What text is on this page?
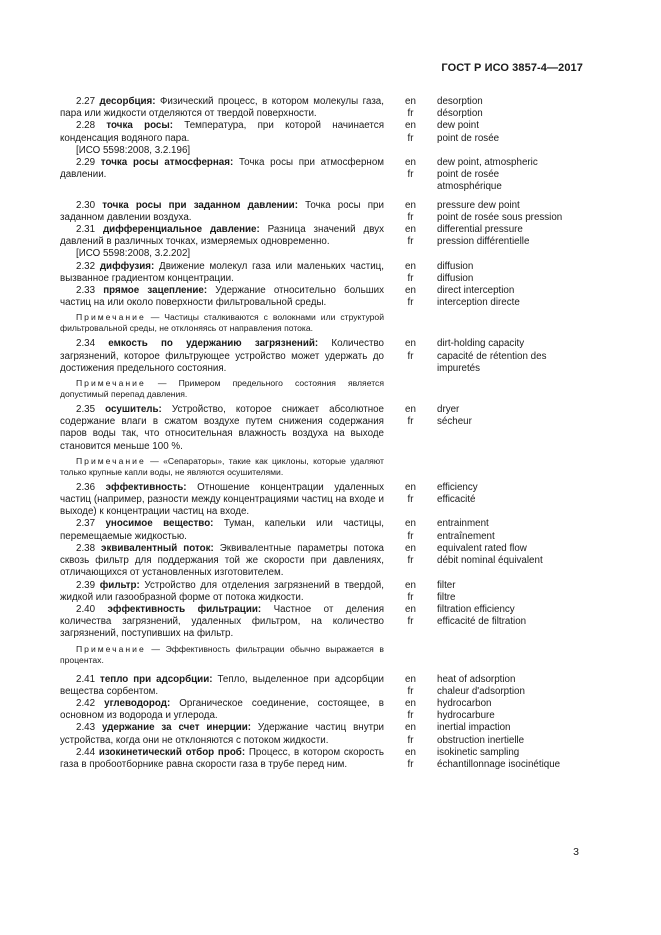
ГОСТ Р ИСО 3857-4—2017

2.27 десорбция: Физический процесс, в котором молекулы газа, пара или жидкости отделяются от твердой поверхности.

en
fr
desorption
désorption

2.28 точка росы: Температура, при которой начинается конденсация водяного пара.

[ИСО 5598:2008, 3.2.196]

en
fr
dew point
point de rosée

2.29 точка росы атмосферная: Точка росы при атмосферном давлении.

en
fr

dew point, atmospheric
point de rosée
atmosphérique

2.30 точка росы при заданном давлении: Точка росы при заданном давлении воздуха.

en
fr
pressure dew point
point de rosée sous pression

2.31 дифференциальное давление: Разница значений двух давлений в различных точках, измеряемых одновременно.

[ИСО 5598:2008, 3.2.202]

en
fr
differential pressure
pression différentielle

2.32 диффузия: Движение молекул газа или маленьких частиц, вызванное градиентом концентрации.

en
fr
diffusion
diffusion

2.33 прямое зацепление: Удержание относительно больших частиц на или около поверхности фильтровальной среды.

Примечание — Частицы сталкиваются с волокнами или структурой фильтровальной среды, не отклоняясь от направления потока.

en
fr
direct interception
interception directe

2.34 емкость по удержанию загрязнений: Количество загрязнений, которое фильтрующее устройство может удержать до достижения предельного состояния.

Примечание — Примером предельного состояния является допустимый перепад давления.

en
fr

dirt-holding capacity
capacité de rétention des
impuretés

2.35 осушитель: Устройство, которое снижает абсолютное содержание влаги в сжатом воздухе путем снижения содержания паров воды так, что относительная влажность воздуха на выходе становится меньше 100 %.

Примечание — «Сепараторы», такие как циклоны, которые удаляют только крупные капли воды, не являются осушителями.

en
fr
dryer
sécheur

2.36 эффективность: Отношение концентрации удаленных частиц (например, разности между концентрациями частиц на входе и выходе) к концентрации частиц на входе.

en
fr
efficiency
efficacité

2.37 уносимое вещество: Туман, капельки или частицы, перемещаемые жидкостью.

en
fr
entrainment
entraînement

2.38 эквивалентный поток: Эквивалентные параметры потока сквозь фильтр для поддержания той же скорости при давлениях, отличающихся от установленных изготовителем.

en
fr
equivalent rated flow
débit nominal équivalent

2.39 фильтр: Устройство для отделения загрязнений в твердой, жидкой или газообразной форме от потока жидкости.

en
fr
filter
filtre

2.40 эффективность фильтрации: Частное от деления количества загрязнений, удаленных фильтром, на количество загрязнений, поступивших на фильтр.

Примечание — Эффективность фильтрации обычно выражается в процентах.

en
fr
filtration efficiency
efficacité de filtration

2.41 тепло при адсорбции: Тепло, выделенное при адсорбции вещества сорбентом.

en
fr
heat of adsorption
chaleur d'adsorption

2.42 углеводород: Органическое соединение, состоящее, в основном из водорода и углерода.

en
fr
hydrocarbon
hydrocarbure

2.43 удержание за счет инерции: Удержание частиц внутри устройства, когда они не отклоняются с потоком жидкости.

en
fr
inertial impaction
obstruction inertielle

2.44 изокинетический отбор проб: Процесс, в котором скорость газа в пробоотборнике равна скорости газа в трубе перед ним.

en
fr
isokinetic sampling
échantillonnage isocinétique
3
